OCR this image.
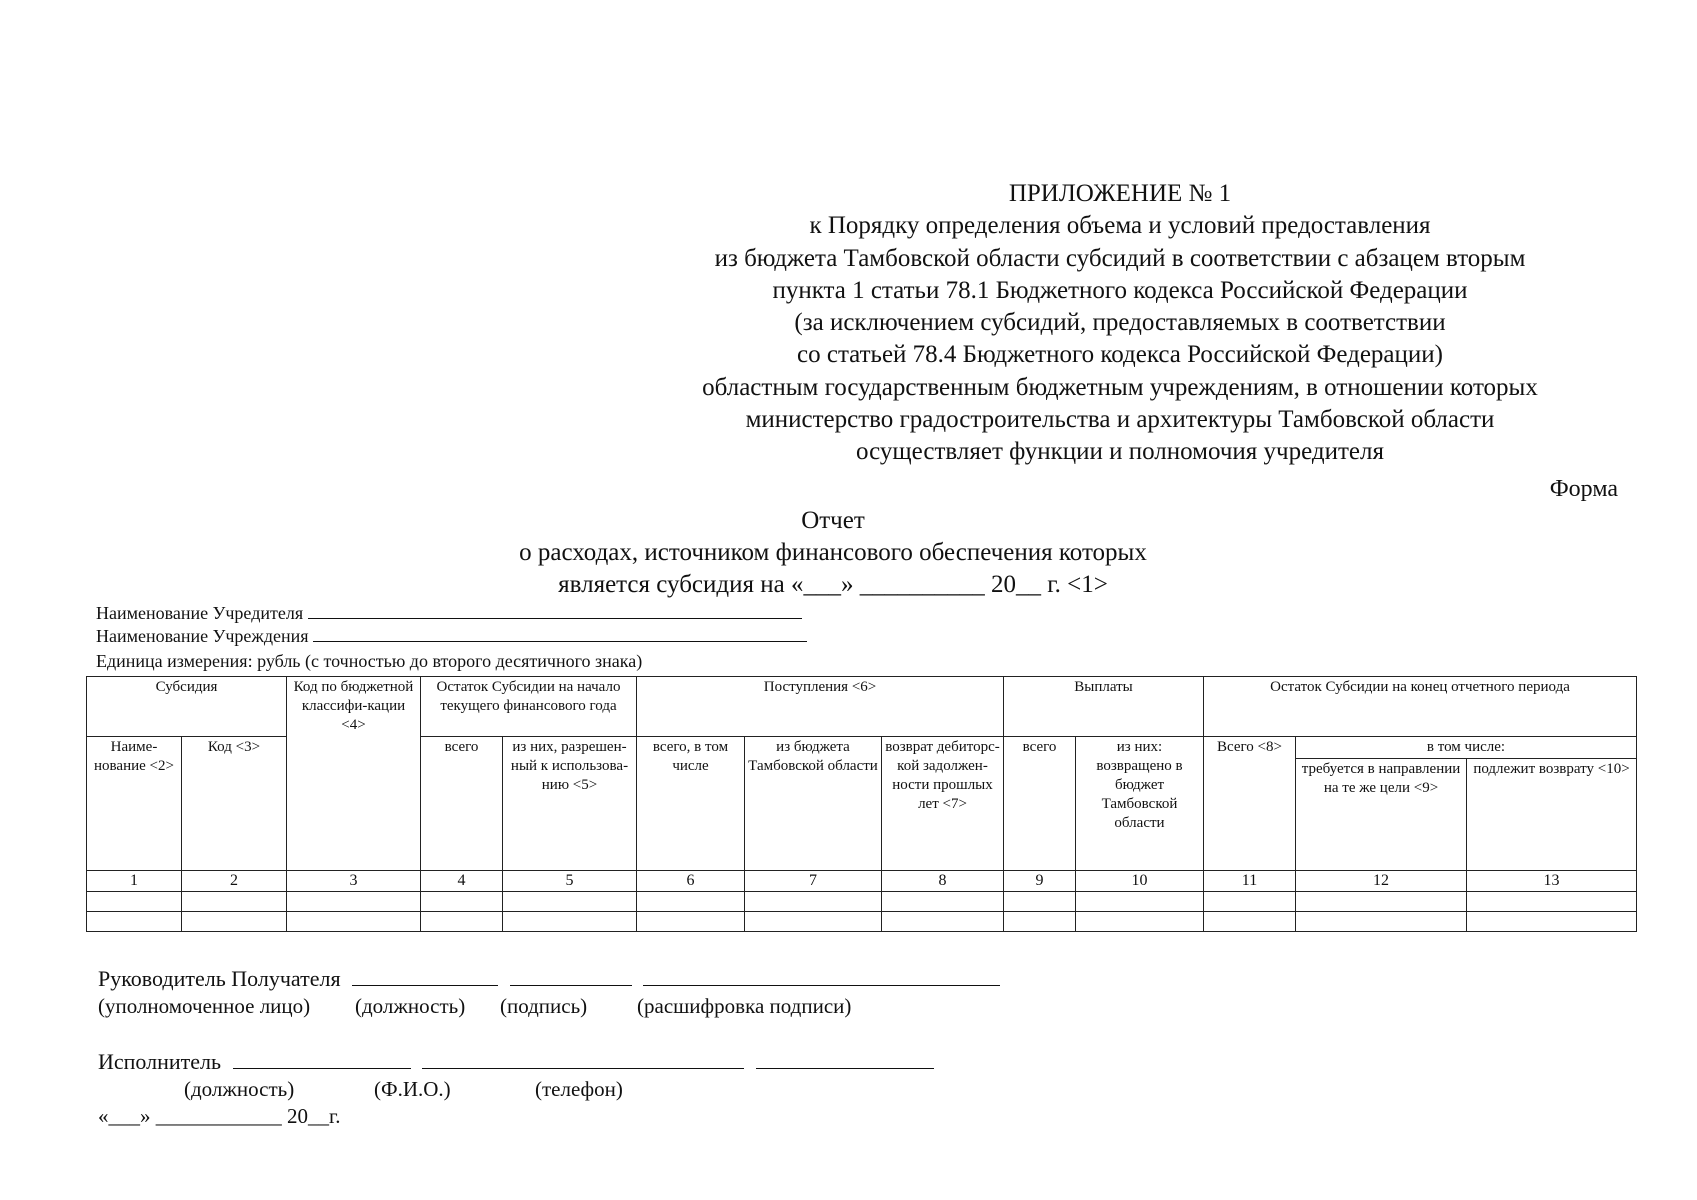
ПРИЛОЖЕНИЕ № 1
к Порядку определения объема и условий предоставления
из бюджета Тамбовской области субсидий в соответствии с абзацем вторым
пункта 1 статьи 78.1 Бюджетного кодекса Российской Федерации
(за исключением субсидий, предоставляемых в соответствии
со статьей 78.4 Бюджетного кодекса Российской Федерации)
областным государственным бюджетным учреждениям, в отношении которых
министерство градостроительства и архитектуры Тамбовской области
осуществляет функции и полномочия учредителя
Форма
Отчет
о расходах, источником финансового обеспечения которых
является субсидия на «___» __________ 20__ г. <1>
Наименование Учредителя
Наименование Учреждения
Единица измерения: рубль (с точностью до второго десятичного знака)
Субсидия		Код по бюджетной классифи-кации <4>	Остаток Субсидии на начало текущего финансового года		Поступления <6>			Выплаты		Остаток Субсидии на конец отчетного периода		
Наиме-нование <2>	Код <3>		всего	из них, разрешен-ный к использова-нию <5>	всего, в том числе	из бюджета Тамбовской области	возврат дебиторс-кой задолжен-ности прошлых лет <7>	всего	из них: возвращено в бюджет Тамбовской области	Всего <8>	в том числе:	
											требуется в направлении на те же цели <9>	подлежит возврату <10>
1	2	3	4	5	6	7	8	9	10	11	12	13

Руководитель Получателя
(уполномоченное лицо) (должность) (подпись) (расшифровка подписи)
Исполнитель
(должность)	(Ф.И.О.)	(телефон)
«___» ____________ 20__г.
